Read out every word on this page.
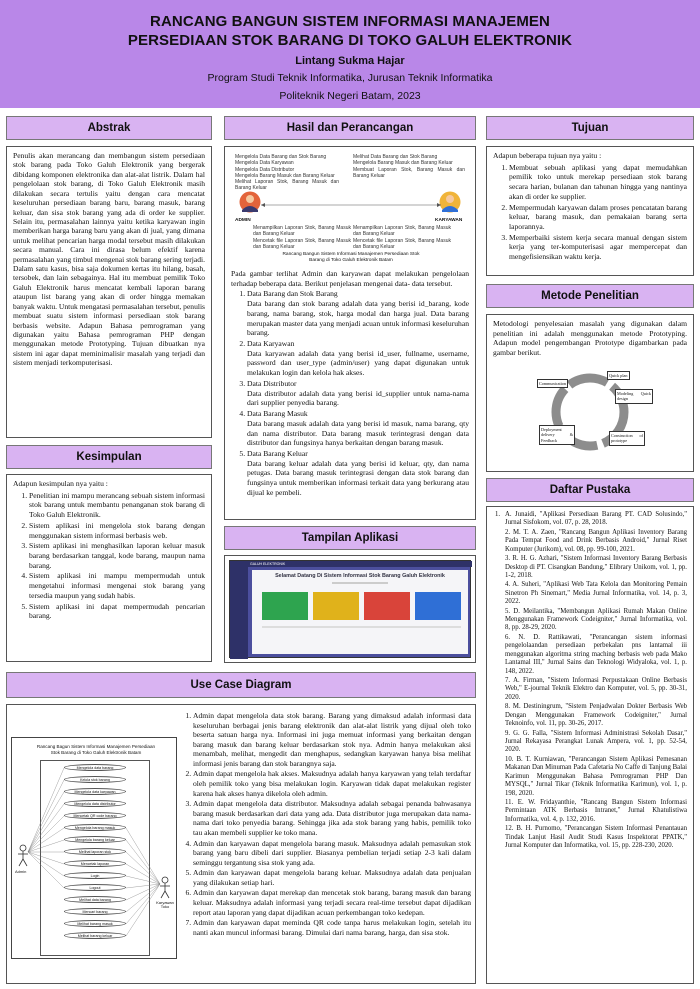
RANCANG BANGUN SISTEM INFORMASI MANAJEMEN
PERSEDIAAN STOK BARANG DI TOKO GALUH ELEKTRONIK
Lintang Sukma Hajar
Program Studi Teknik Informatika, Jurusan Teknik Informatika
Politeknik Negeri Batam, 2023
Abstrak

Penulis akan merancang dan membangun sistem persediaan stok barang pada Toko Galuh Elektronik yang bergerak dibidang komponen elektronika dan alat-alat listrik. Dalam hal pengelolaan stok barang, di Toko Galuh Elektronik masih dilakukan secara tertulis yaitu dengan cara mencatat keseluruhan persediaan barang baru, barang masuk, barang keluar, dan sisa stok barang yang ada di order ke supplier. Selain itu, permasalahan lainnya yaitu ketika karyawan ingin memberikan harga barang baru yang akan di jual, yang dimana untuk melihat pencarian harga modal tersebut masih dilakukan secara manual. Cara ini dirasa belum efektif karena permasalahan yang timbul mengenai stok barang sering terjadi. Dalam satu kasus, bisa saja dokumen kertas itu hilang, basah, tersobek, dan lain sebagainya. Hal itu membuat pemilik Toko Galuh Elektronik harus mencatat kembali laporan barang ataupun list barang yang akan di order hingga memakan banyak waktu. Untuk mengatasi permasalahan tersebut, penulis membuat suatu sistem informasi persediaan stok barang berbasis website. Adapun Bahasa pemrograman yang digunakan yaitu Bahasa pemrograman PHP dengan menggunakan metode Prototyping. Tujuan dibuatkan nya sistem ini agar dapat meminimalisir masalah yang terjadi dan sistem menjadi terkomputerisasi.

Kesimpulan

Adapun kesimpulan nya yaitu :

1. Penelitian ini mampu merancang sebuah sistem informasi stok barang untuk membantu penanganan stok barang di Toko Galuh Elektronik.
2. Sistem aplikasi ini mengelola stok barang dengan menggunakan sistem informasi berbasis web.
3. Sistem aplikasi ini menghasilkan laporan keluar masuk barang berdasarkan tanggal, kode barang, maupun nama barang.
4. Sistem aplikasi ini mampu mempermudah untuk mengetahui informasi mengenai stok barang yang tersedia maupun yang sudah habis.
5. Sistem aplikasi ini dapat mempermudah pencarian barang.
Hasil dan Perancangan
Mengelola Data Barang dan Stok Barang
Mengelola Data Karyawan
Mengelola Data Distributor
Mengelola Barang Masuk dan Barang Keluar
Melihat Laporan Stok, Barang Masuk dan Barang Keluar
Melihat Data Barang dan Stok Barang
Mengelola Barang Masuk dan Barang Keluar
Membuat Laporan Stok, Barang Masuk dan Barang Keluar
ADMIN	KARYAWAN
Menampilkan Laporan Stok, Barang Masuk dan Barang Keluar
Mencetak file Laporan Stok, Barang Masuk dan Barang Keluar
Menampilkan Laporan Stok, Barang Masuk dan Barang Keluar
Mencetak file Laporan Stok, Barang Masuk dan Barang Keluar
Rancang Bangun Sistem Informasi Manajemen Persediaan Stok Barang di Toko Galuh Elektronik Batam

Pada gambar terlihat Admin dan karyawan dapat melakukan pengelolaan terhadap beberapa data. Berikut penjelasan mengenai data- data tersebut.

1. Data Barang dan Stok Barang
Data barang dan stok barang adalah data yang berisi id_barang, kode barang, nama barang, stok, harga modal dan harga jual. Data barang merupakan master data yang menjadi acuan untuk informasi keseluruhan barang.
2. Data Karyawan
Data karyawan adalah data yang berisi id_user, fullname, username, password dan user_type (admin/user) yang dapat digunakan untuk melakukan login dan kelola hak akses.
3. Data Distributor
Data distributor adalah data yang berisi id_supplier untuk nama-nama dari supplier penyedia barang.
4. Data Barang Masuk
Data barang masuk adalah data yang berisi id masuk, nama barang, qty dan nama distributor. Data barang masuk terintegrasi dengan data distributor dan fungsinya hanya berkaitan dengan barang masuk.
5. Data Barang Keluar
Data barang keluar adalah data yang berisi id keluar, qty, dan nama petugas. Data barang masuk terintegrasi dengan data stok barang dan fungsinya untuk memberikan informasi terkait data yang berkurang atau dijual ke pembeli.
Tampilan Aplikasi
GALUH ELEKTRONIK
Selamat Datang Di Sistem Informasi Stok Barang Galuh Elektronik
Tujuan

Adapun beberapa tujuan nya yaitu :

1. Membuat sebuah aplikasi yang dapat memudahkan pemilik toko untuk merekap persediaan stok barang secara harian, bulanan dan tahunan hingga yang nantinya akan di order ke supplier.
2. Mempermudah karyawan dalam proses pencatatan barang keluar, barang masuk, dan pemakaian barang serta laporannya.
3. Memperbaiki sistem kerja secara manual dengan sistem kerja yang ter-komputerisasi agar mempercepat dan mengefisiensikan waktu kerja.
Metode Penelitian

Metodologi penyelesaian masalah yang digunakan dalam penelitian ini adalah menggunakan metode Prototyping. Adapun model pengembangan Prototype digambarkan pada gambar berikut.

Communication
Quick plan
Modeling Quick design
Construction of prototype
Deployment delivery & Feedback
Daftar Pustaka
1. A. Junaidi, "Aplikasi Persediaan Barang PT. CAD Solusindo," Jurnal Sisfokom, vol. 07, p. 28, 2018.
2. M. T. A. Zaen, "Rancang Bangun Aplikasi Inventory Barang Pada Tempat Food and Drink Berbasis Android," Jurnal Riset Komputer (Jurikom), vol. 08, pp. 99-100, 2021.
3. R. H. G. Azhari, "Sistem Informasi Inventory Barang Berbasis Desktop di PT. Cisangkan Bandung," Elibrary Unikom, vol. 1, pp. 1-2, 2018.
4. A. Suheri, "Aplikasi Web Tata Kelola dan Monitoring Pemain Sinetron Ph Sinemart," Media Jurnal Informatika, vol. 14, p. 3, 2022.
5. D. Meilantika, "Membangun Aplikasi Rumah Makan Online Menggunakan Framework Codeigniter," Jurnal Informatika, vol. 8, pp. 28-29, 2020.
6. N. D. Rattikawati, "Perancangan sistem informasi pengelolaandan persediaan perbekalan pns lantamal iii menggunakan algoritma string maching berbasis web pada Mako Lantamal III," Jurnal Sains dan Teknologi Widyaloka, vol. 1, p. 148, 2022.
7. A. Firman, "Sistem Informasi Perpustakaan Online Berbasis Web," E-journal Teknik Elektro dan Komputer, vol. 5, pp. 30-31, 2020.
8. M. Destiningrum, "Sistem Penjadwalan Dokter Berbasis Web Dengan Menggunakan Framework Codeigniter," Jurnal Teknoinfo, vol. 11, pp. 30-26, 2017.
9. G. G. Falla, "Sistem Informasi Administrasi Sekolah Dasar," Jurnal Rekayasa Perangkat Lunak Ampera, vol. 1, pp. 52-54, 2020.
10. B. T. Kurniawan, "Perancangan Sistem Aplikasi Pemesanan Makanan Dan Minuman Pada Cafetaria No Caffe di Tanjung Balai Karimun Menggunakan Bahasa Pemrograman PHP Dan MYSQL," Jurnal Tikar (Teknik Informatika Karimun), vol. 1, p. 198, 2020.
11. E. W. Fridayanthie, "Rancang Bangun Sistem Informasi Permintaan ATK Berbasis Intranet," Jurnal Khatulistiwa Informatika, vol. 4, p. 132, 2016.
12. B. H. Purnomo, "Perancangan Sistem Informasi Penantauan Tindak Lanjut Hasil Audit Studi Kasus Inspektorat PPATK," Jurnal Komputer dan Informatika, vol. 15, pp. 228-230, 2020.
Use Case Diagram
Rancang Bagun Sistem Informasi Manajemen Persediaan Stok Barang di Toko Galuh Elektronik Batam
Admin
Karyawan Toko
Mengelola data barang
Kelola stok barang
Mengelola data karyawan
Mengelola data distributor
Mencetak QR code barang
Mengelola barang masuk
Mengelola barang keluar
Melihat laporan stok
Mencetak laporan
Login
Logout
Melihat data barang
Mencari barang
Melihat barang masuk
Melihat barang keluar
1. Admin dapat mengelola data stok barang. Barang yang dimaksud adalah informasi data keseluruhan berbagai jenis barang elektronik dan alat-alat listrik yang dijual oleh toko beserta satuan harga nya. Informasi ini juga memuat informasi yang berkaitan dengan barang masuk dan barang keluar berdasarkan stok nya. Admin hanya melakukan aksi menambah, melihat, mengedit dan menghapus, sedangkan karyawan hanya bisa melihat informasi jenis barang dan stok barangnya saja.
2. Admin dapat mengelola hak akses. Maksudnya adalah hanya karyawan yang telah terdaftar oleh pemilik toko yang bisa melakukan login. Karyawan tidak dapat melakukan register karena hak akses hanya dikelola oleh admin.
3. Admin dapat mengelola data distributor. Maksudnya adalah sebagai penanda bahwasanya barang masuk berdasarkan dari data yang ada. Data distributor juga merupakan data nama-nama dari toko penyedia barang. Sehingga jika ada stok barang yang habis, pemilik toko tau akan membeli supplier ke toko mana.
4. Admin dan karyawan dapat mengelola barang masuk. Maksudnya adalah pemasukan stok barang yang baru dibeli dari supplier. Biasanya pembelian terjadi setiap 2-3 kali dalam seminggu tergantung sisa stok yang ada.
5. Admin dan karyawan dapat mengelola barang keluar. Maksudnya adalah data penjualan yang dilakukan setiap hari.
6. Admin dan karyawan dapat merekap dan mencetak stok barang, barang masuk dan barang keluar. Maksudnya adalah informasi yang terjadi secara real-time tersebut dapat dijadikan report atau laporan yang dapat dijadikan acuan perkembangan toko kedepan.
7. Admin dan karyawan dapat meminda QR code tanpa harus melakukan login, setelah itu nanti akan muncul informasi barang. Dimulai dari nama barang, harga, dan sisa stok.
